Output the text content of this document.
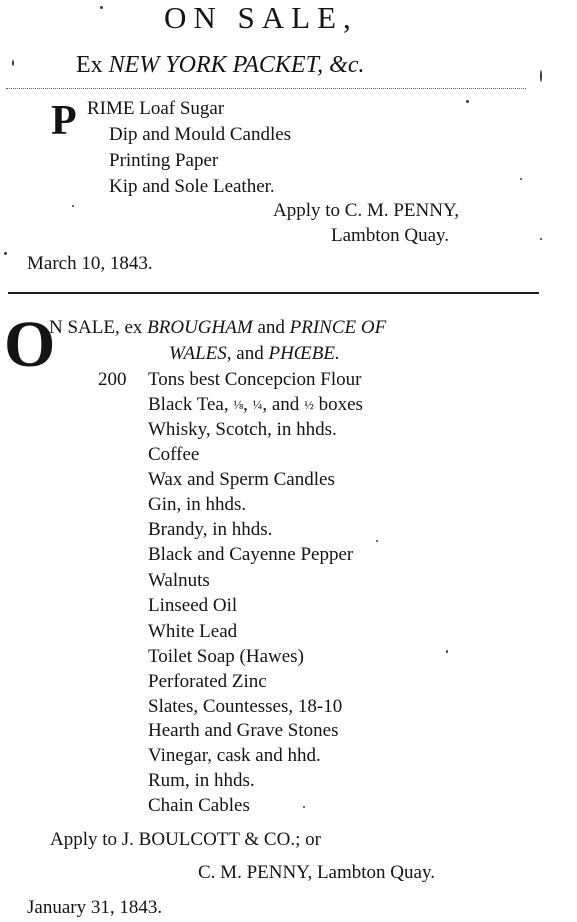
ON SALE,
Ex NEW YORK PACKET, &c.
P RIME Loaf Sugar
Dip and Mould Candles
Printing Paper
Kip and Sole Leather.
Apply to C. M. PENNY,
Lambton Quay.
March 10, 1843.
O
N SALE, ex BROUGHAM and PRINCE OF
WALES, and PHŒBE.
200 Tons best Concepcion Flour
Black Tea, ⅛, ¼, and ½ boxes
Whisky, Scotch, in hhds.
Coffee
Wax and Sperm Candles
Gin, in hhds.
Brandy, in hhds.
Black and Cayenne Pepper
Walnuts
Linseed Oil
White Lead
Toilet Soap (Hawes)
Perforated Zinc
Slates, Countesses, 18-10
Hearth and Grave Stones
Vinegar, cask and hhd.
Rum, in hhds.
Chain Cables
Apply to J. BOULCOTT & CO.; or
C. M. PENNY, Lambton Quay.
January 31, 1843.
